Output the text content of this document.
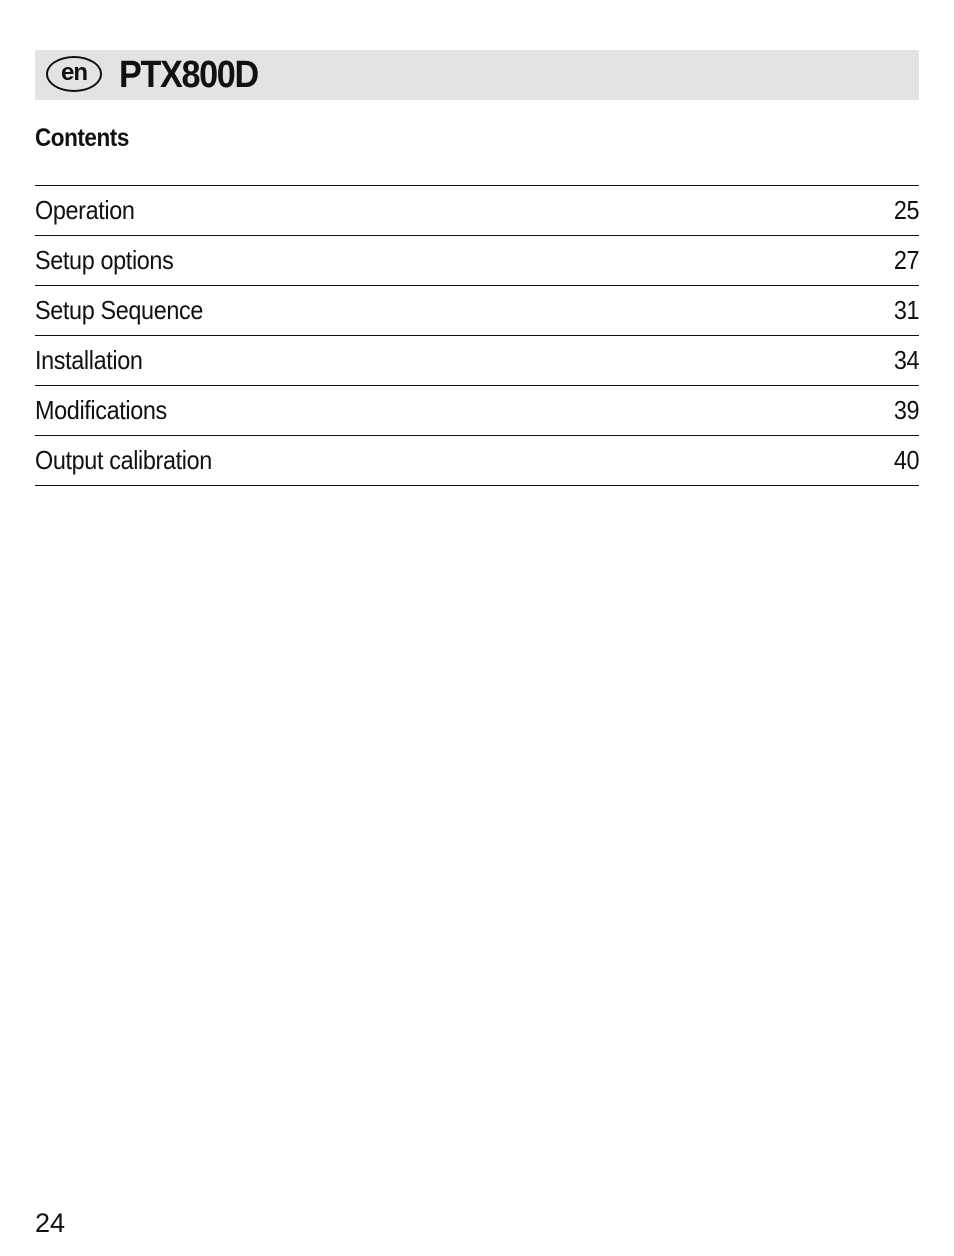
en PTX800D
Contents
Operation	25
Setup options	27
Setup Sequence	31
Installation	34
Modifications	39
Output calibration	40
24
